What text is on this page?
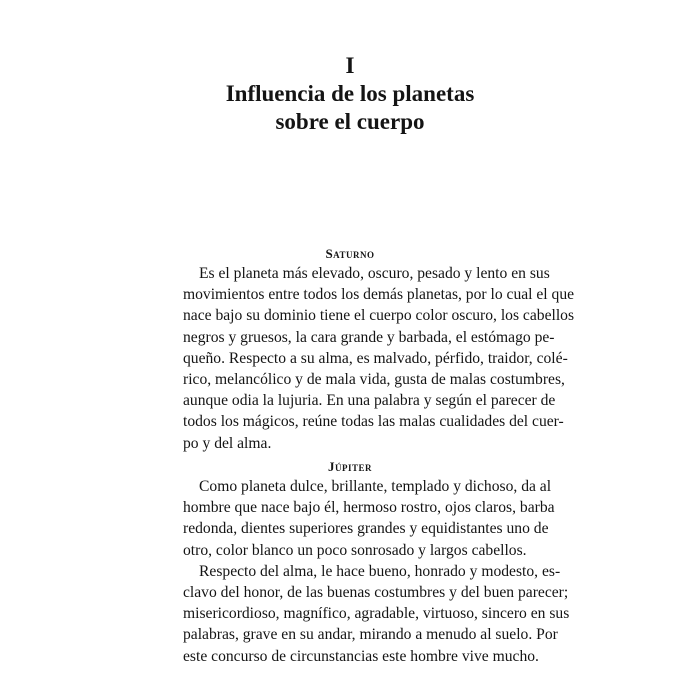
I
Influencia de los planetas
sobre el cuerpo
Saturno
Es el planeta más elevado, oscuro, pesado y lento en sus
movimientos entre todos los demás planetas, por lo cual el que
nace bajo su dominio tiene el cuerpo color oscuro, los cabellos
negros y gruesos, la cara grande y barbada, el estómago pe-
queño. Respecto a su alma, es malvado, pérfido, traidor, colé-
rico, melancólico y de mala vida, gusta de malas costumbres,
aunque odia la lujuria. En una palabra y según el parecer de
todos los mágicos, reúne todas las malas cualidades del cuer-
po y del alma.
Júpiter
Como planeta dulce, brillante, templado y dichoso, da al
hombre que nace bajo él, hermoso rostro, ojos claros, barba
redonda, dientes superiores grandes y equidistantes uno de
otro, color blanco un poco sonrosado y largos cabellos.
Respecto del alma, le hace bueno, honrado y modesto, es-
clavo del honor, de las buenas costumbres y del buen parecer;
misericordioso, magnífico, agradable, virtuoso, sincero en sus
palabras, grave en su andar, mirando a menudo al suelo. Por
este concurso de circunstancias este hombre vive mucho.
